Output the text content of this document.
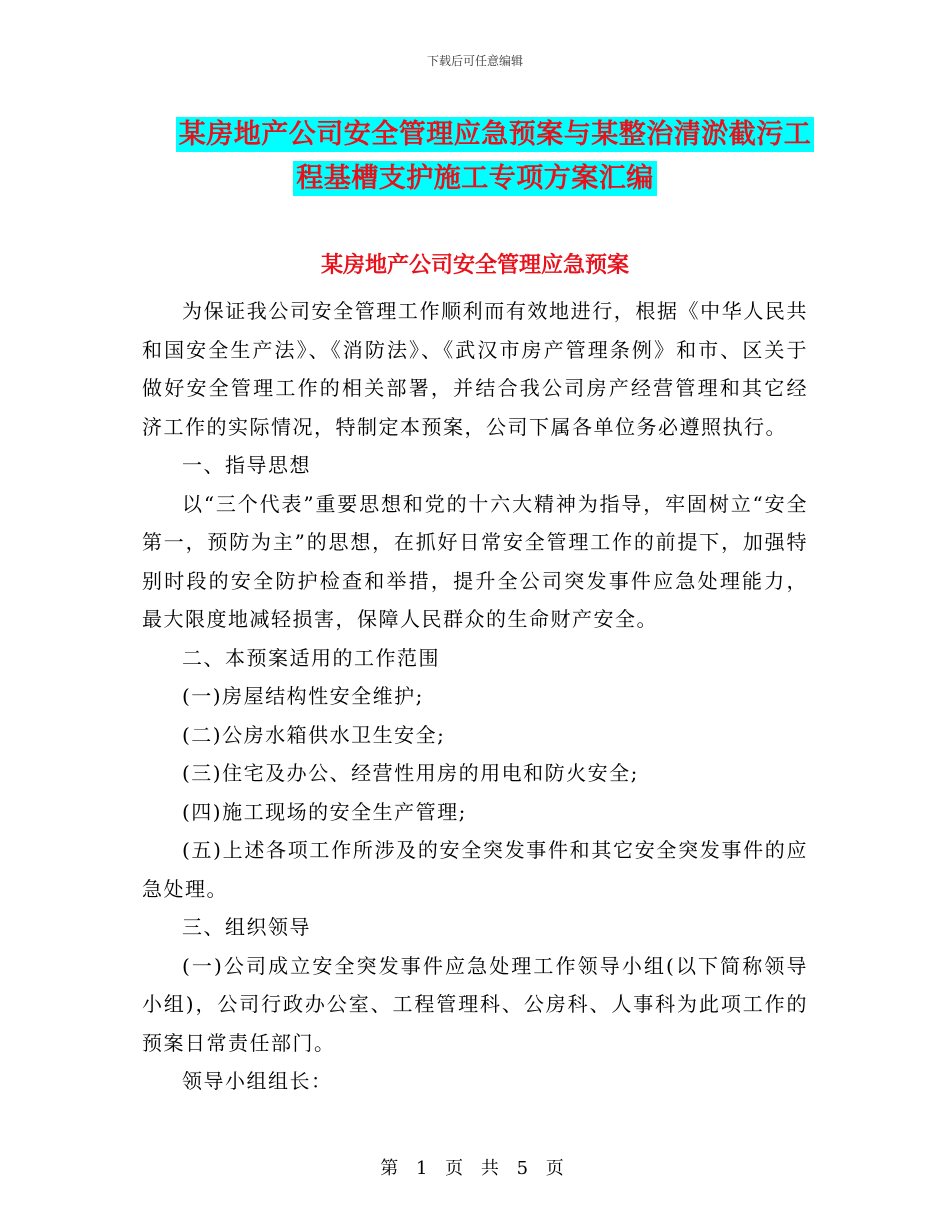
下载后可任意编辑
某房地产公司安全管理应急预案与某整治清淤截污工
程基槽支护施工专项方案汇编
某房地产公司安全管理应急预案

为保证我公司安全管理工作顺利而有效地进行，根据《中华人民共和国安全生产法》、《消防法》、《武汉市房产管理条例》和市、区关于做好安全管理工作的相关部署，并结合我公司房产经营管理和其它经济工作的实际情况，特制定本预案，公司下属各单位务必遵照执行。

一、指导思想

以“三个代表”重要思想和党的十六大精神为指导，牢固树立“安全第一，预防为主”的思想，在抓好日常安全管理工作的前提下，加强特别时段的安全防护检查和举措，提升全公司突发事件应急处理能力，最大限度地减轻损害，保障人民群众的生命财产安全。

二、本预案适用的工作范围

(一)房屋结构性安全维护;

(二)公房水箱供水卫生安全;

(三)住宅及办公、经营性用房的用电和防火安全;

(四)施工现场的安全生产管理;

(五)上述各项工作所涉及的安全突发事件和其它安全突发事件的应急处理。

三、组织领导

(一)公司成立安全突发事件应急处理工作领导小组(以下简称领导小组)，公司行政办公室、工程管理科、公房科、人事科为此项工作的预案日常责任部门。

领导小组组长：

第 1 页 共 5 页
